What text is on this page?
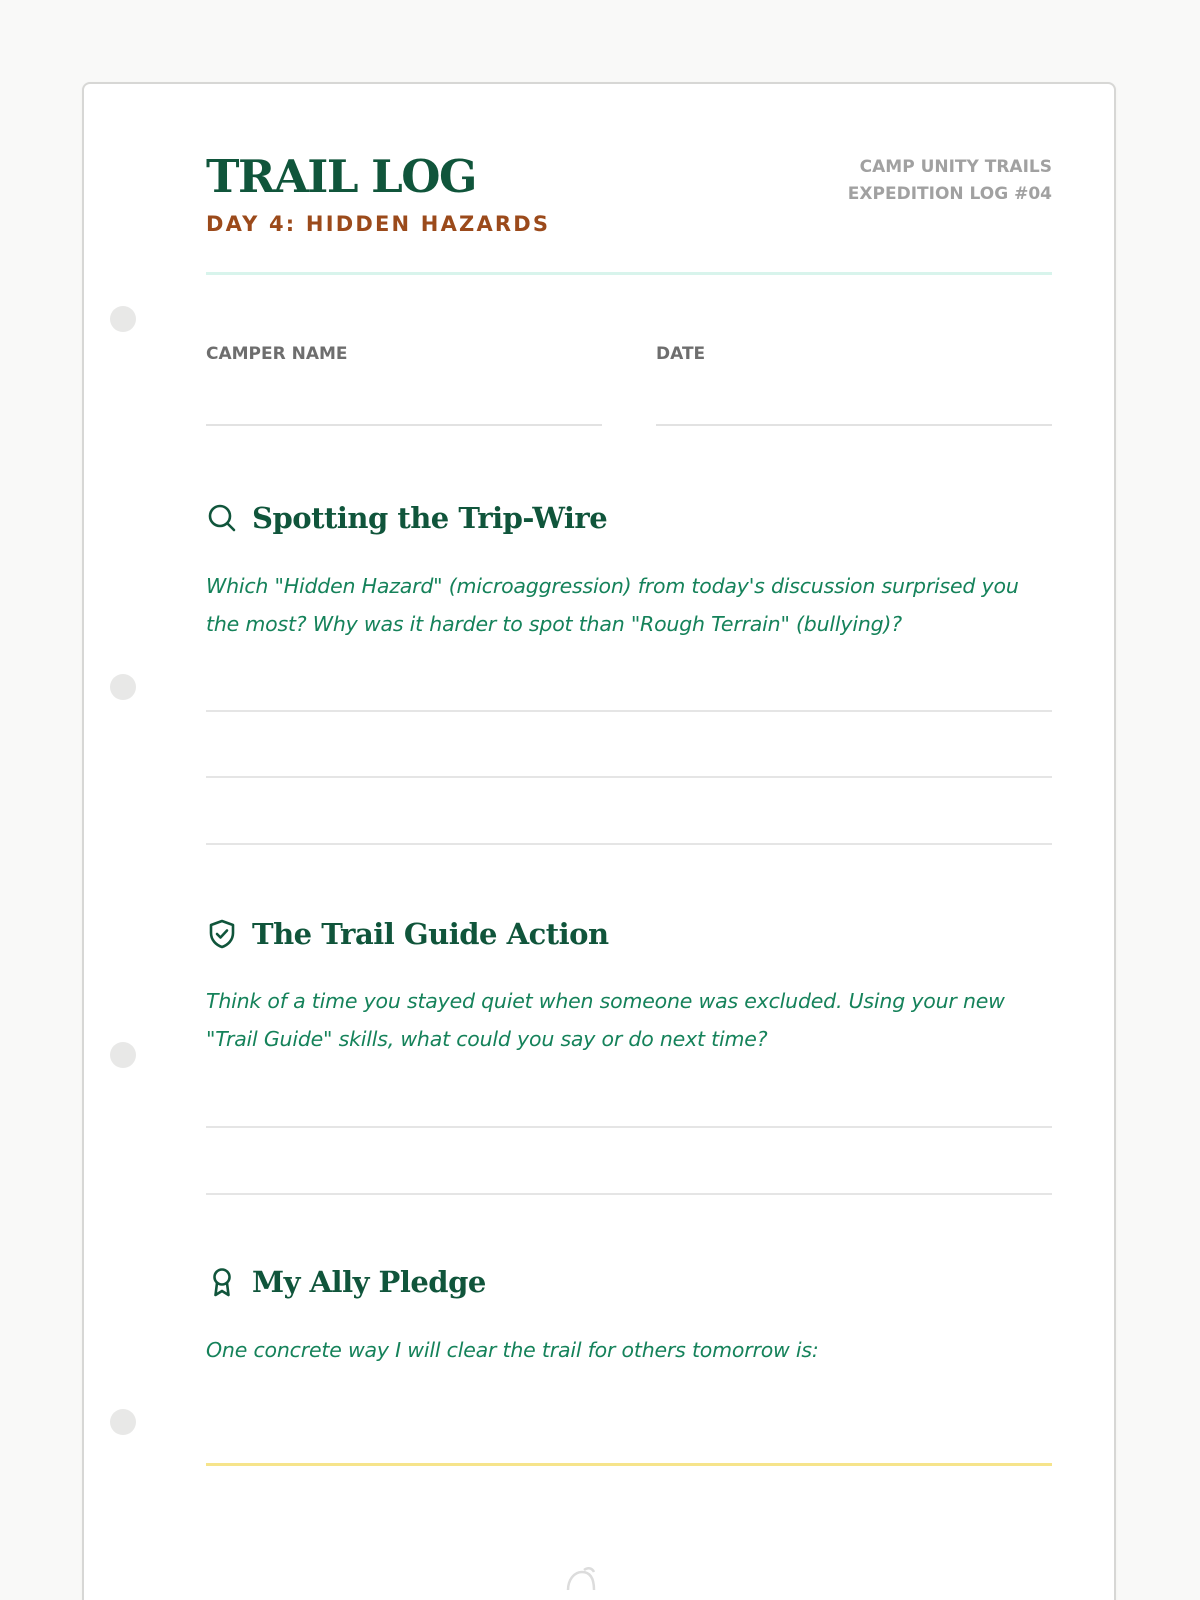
TRAIL LOG
DAY 4: HIDDEN HAZARDS
CAMP UNITY TRAILS
EXPEDITION LOG #04
CAMPER NAME	DATE
Spotting the Trip-Wire
Which "Hidden Hazard" (microaggression) from today's discussion surprised you
the most? Why was it harder to spot than "Rough Terrain" (bullying)?
The Trail Guide Action
Think of a time you stayed quiet when someone was excluded. Using your new
"Trail Guide" skills, what could you say or do next time?
My Ally Pledge
One concrete way I will clear the trail for others tomorrow is:
